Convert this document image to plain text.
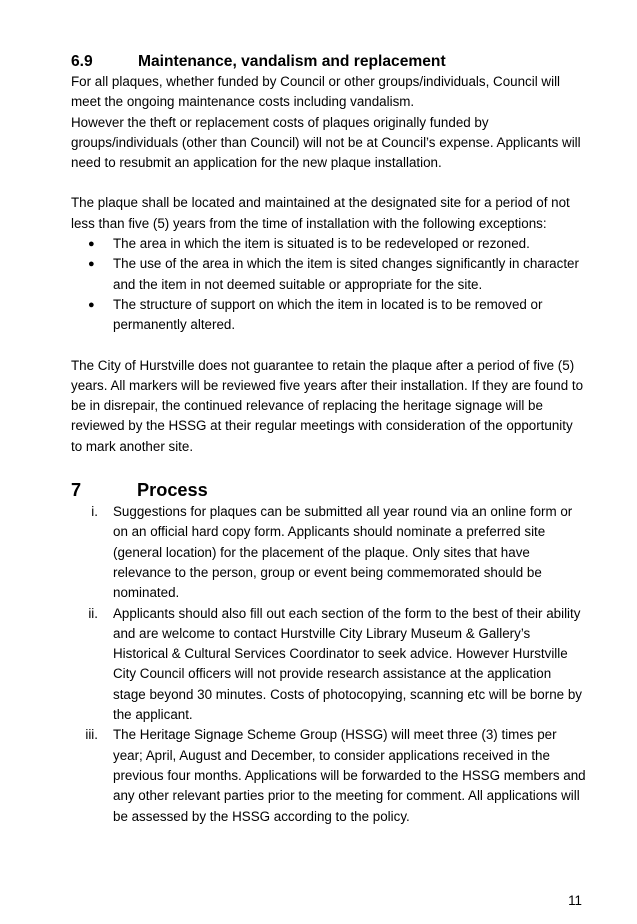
6.9	Maintenance, vandalism and replacement

For all plaques, whether funded by Council or other groups/individuals, Council will meet the ongoing maintenance costs including vandalism.

However the theft or replacement costs of plaques originally funded by groups/individuals (other than Council) will not be at Council’s expense. Applicants will need to resubmit an application for the new plaque installation.

The plaque shall be located and maintained at the designated site for a period of not less than five (5) years from the time of installation with the following exceptions:

●	The area in which the item is situated is to be redeveloped or rezoned.
●	The use of the area in which the item is sited changes significantly in character and the item in not deemed suitable or appropriate for the site.
●	The structure of support on which the item in located is to be removed or permanently altered.

The City of Hurstville does not guarantee to retain the plaque after a period of five (5) years. All markers will be reviewed five years after their installation. If they are found to be in disrepair, the continued relevance of replacing the heritage signage will be reviewed by the HSSG at their regular meetings with consideration of the opportunity to mark another site.

7	Process
i.	Suggestions for plaques can be submitted all year round via an online form or on an official hard copy form. Applicants should nominate a preferred site (general location) for the placement of the plaque. Only sites that have relevance to the person, group or event being commemorated should be nominated.
ii.	Applicants should also fill out each section of the form to the best of their ability and are welcome to contact Hurstville City Library Museum & Gallery’s Historical & Cultural Services Coordinator to seek advice. However Hurstville City Council officers will not provide research assistance at the application stage beyond 30 minutes. Costs of photocopying, scanning etc will be borne by the applicant.
iii.	The Heritage Signage Scheme Group (HSSG) will meet three (3) times per year; April, August and December, to consider applications received in the previous four months. Applications will be forwarded to the HSSG members and any other relevant parties prior to the meeting for comment. All applications will be assessed by the HSSG according to the policy.
11
